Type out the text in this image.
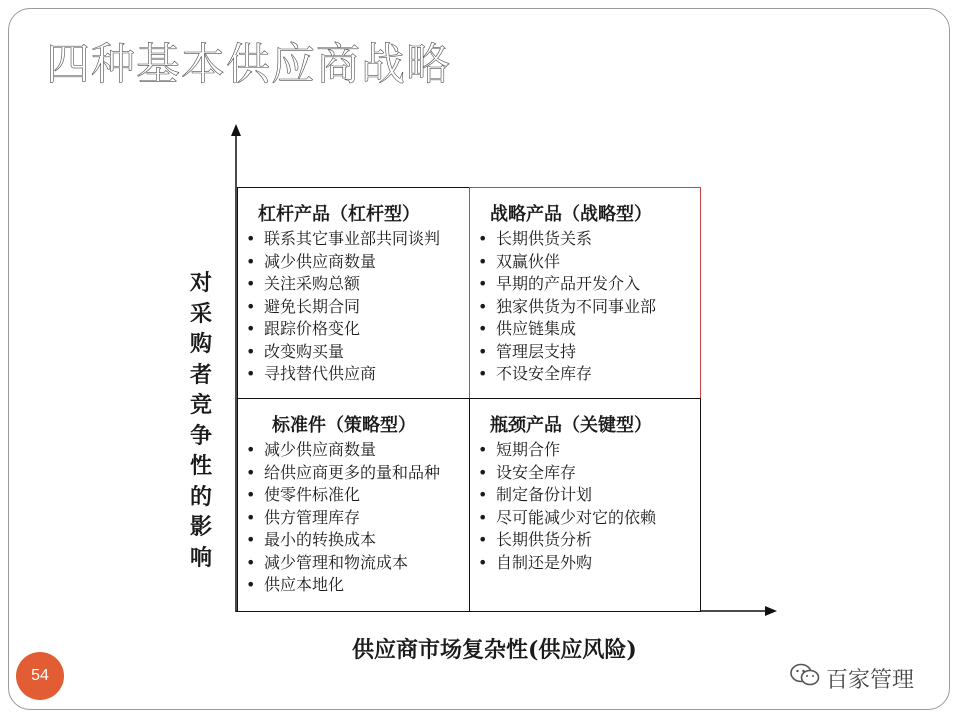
四种基本供应商战略
对采购者竞争性的影响
供应商市场复杂性(供应风险)
杠杆产品（杠杆型）
• 联系其它事业部共同谈判
• 减少供应商数量
• 关注采购总额
• 避免长期合同
• 跟踪价格变化
• 改变购买量
• 寻找替代供应商
战略产品（战略型）
• 长期供货关系
• 双赢伙伴
• 早期的产品开发介入
• 独家供货为不同事业部
• 供应链集成
• 管理层支持
• 不设安全库存
标准件（策略型）
• 减少供应商数量
• 给供应商更多的量和品种
• 使零件标准化
• 供方管理库存
• 最小的转换成本
• 减少管理和物流成本
• 供应本地化
瓶颈产品（关键型）
• 短期合作
• 设安全库存
• 制定备份计划
• 尽可能减少对它的依赖
• 长期供货分析
• 自制还是外购
54	百家管理
